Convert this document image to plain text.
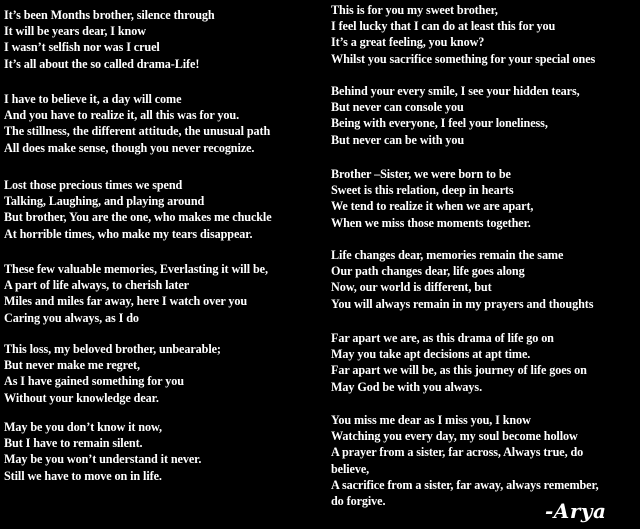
It’s been Months brother, silence through
It will be years dear, I know
I wasn’t selfish nor was I cruel
It’s all about the so called drama-Life!
I have to believe it, a day will come
And you have to realize it, all this was for you.
The stillness, the different attitude, the unusual path
All does make sense, though you never recognize.
Lost those precious times we spend
Talking, Laughing, and playing around
But brother, You are the one, who makes me chuckle
At horrible times, who make my tears disappear.
These few valuable memories, Everlasting it will be,
A part of life always, to cherish later
Miles and miles far away, here I watch over you
Caring you always, as I do
This loss, my beloved brother, unbearable;
But never make me regret,
As I have gained something for you
Without your knowledge dear.
May be you don’t know it now,
But I have to remain silent.
May be you won’t understand it never.
Still we have to move on in life.
This is for you my sweet brother,
I feel lucky that I can do at least this for you
It’s a great feeling, you know?
Whilst you sacrifice something for your special ones
Behind your every smile, I see your hidden tears,
But never can console you
Being with everyone, I feel your loneliness,
But never can be with you
Brother –Sister, we were born to be
Sweet is this relation, deep in hearts
We tend to realize it when we are apart,
When we miss those moments together.
Life changes dear, memories remain the same
Our path changes dear, life goes along
Now, our world is different, but
You will always remain in my prayers and thoughts
Far apart we are, as this drama of life go on
May you take apt decisions at apt time.
Far apart we will be, as this journey of life goes on
May God be with you always.
You miss me dear as I miss you, I know
Watching you every day, my soul become hollow
A prayer from a sister, far across, Always true, do
believe,
A sacrifice from a sister, far away, always remember,
do forgive.	-Arya
